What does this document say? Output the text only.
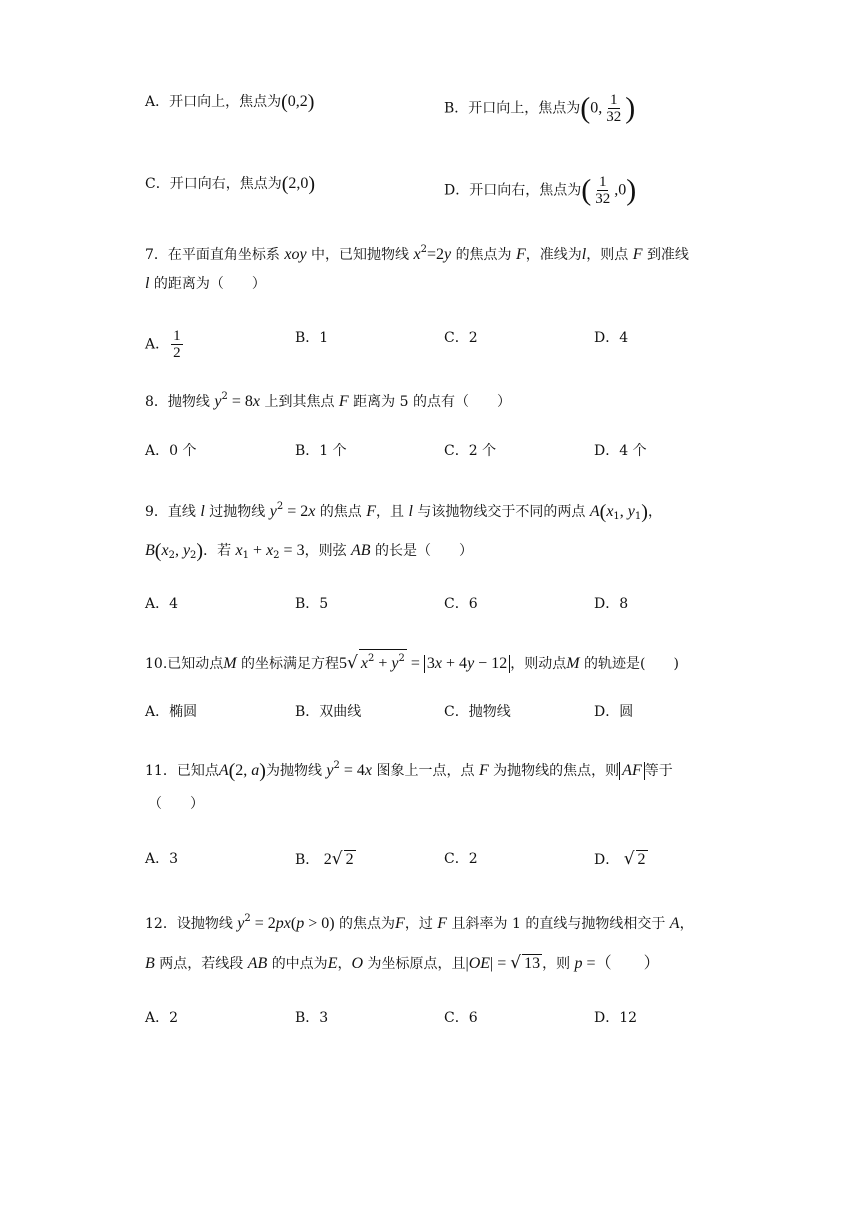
A．开口向上，焦点为(0,2)	B．开口向上，焦点为(0, $\frac{1}{32}$ )
C．开口向右，焦点为(2,0)	D．开口向右，焦点为( $\frac{1}{32} ,0$)
7．在平面直角坐标系 xoy 中，已知抛物线 $x^2=2y$ 的焦点为 F，准线为l，则点 F 到准线
l 的距离为（　　）
A． $\frac{1}{2}$	B．1	C．2	D．4
8．抛物线 $y^2 = 8x$ 上到其焦点 F 距离为 5 的点有（　　）
A．0 个	B．1 个	C．2 个	D．4 个
9．直线 l 过抛物线 $y^2 = 2x$ 的焦点 F，且 l 与该抛物线交于不同的两点 $A(x_1$, $y_1$)，
$B(x_2$, $y_2$)．若 $x_1 + x_2 = 3$，则弦 AB 的长是（　　）
A．4	B．5	C．6	D．8
10.已知动点M 的坐标满足方程5√ $x^2 + y^2 = 3x + 4y - 12$ ，则动点M 的轨迹是(　　)
A．椭圆	B．双曲线	C．抛物线	D．圆
11．已知点A(2, a)为抛物线 $y^2 = 4x$ 图象上一点，点 F 为抛物线的焦点，则 AF 等于
（　　）
A．3	B． 2√ 2	C．2	D． √ 2
12．设抛物线 $y^2 = 2px(p > 0)$ 的焦点为F，过 F 且斜率为 1 的直线与抛物线相交于 A，
B 两点，若线段 AB 的中点为E，O 为坐标原点，且|OE| = √ 13 ，则 p =（　　）
A．2	B．3	C．6	D．12
